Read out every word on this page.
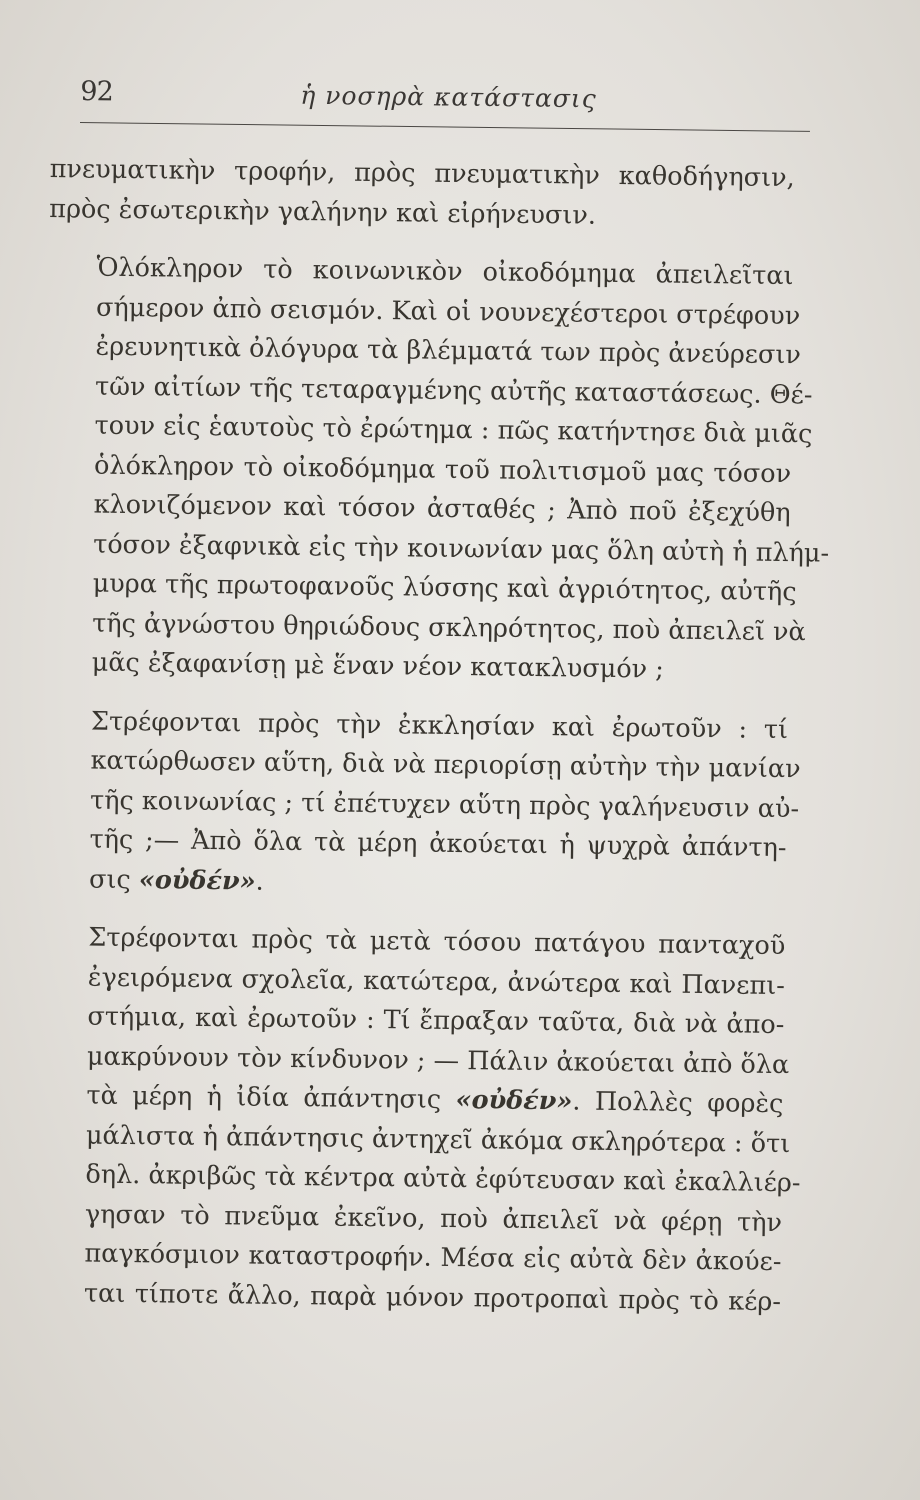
92	ἡ νοσηρὰ κατάστασις
πνευματικὴν τροφήν, πρὸς πνευματικὴν καθοδήγησιν,
πρὸς ἐσωτερικὴν γαλήνην καὶ εἰρήνευσιν.
Ὁλόκληρον τὸ κοινωνικὸν οἰκοδόμημα ἀπειλεῖται
σήμερον ἀπὸ σεισμόν. Καὶ οἱ νουνεχέστεροι στρέφουν
ἐρευνητικὰ ὀλόγυρα τὰ βλέμματά των πρὸς ἀνεύρεσιν
τῶν αἰτίων τῆς τεταραγμένης αὐτῆς καταστάσεως. Θέ-
τουν εἰς ἑαυτοὺς τὸ ἐρώτημα : πῶς κατήντησε διὰ μιᾶς
ὁλόκληρον τὸ οἰκοδόμημα τοῦ πολιτισμοῦ μας τόσον
κλονιζόμενον καὶ τόσον ἀσταθές ; Ἀπὸ ποῦ ἐξεχύθη
τόσον ἐξαφνικὰ εἰς τὴν κοινωνίαν μας ὅλη αὐτὴ ἡ πλήμ-
μυρα τῆς πρωτοφανοῦς λύσσης καὶ ἀγριότητος, αὐτῆς
τῆς ἀγνώστου θηριώδους σκληρότητος, ποὺ ἀπειλεῖ νὰ
μᾶς ἐξαφανίσῃ μὲ ἕναν νέον κατακλυσμόν ;
Στρέφονται πρὸς τὴν ἐκκλησίαν καὶ ἐρωτοῦν : τί
κατώρθωσεν αὕτη, διὰ νὰ περιορίσῃ αὐτὴν τὴν μανίαν
τῆς κοινωνίας ; τί ἐπέτυχεν αὕτη πρὸς γαλήνευσιν αὐ-
τῆς ;— Ἀπὸ ὅλα τὰ μέρη ἀκούεται ἡ ψυχρὰ ἀπάντη-
σις «οὐδέν».
Στρέφονται πρὸς τὰ μετὰ τόσου πατάγου πανταχοῦ
ἐγειρόμενα σχολεῖα, κατώτερα, ἀνώτερα καὶ Πανεπι-
στήμια, καὶ ἐρωτοῦν : Τί ἔπραξαν ταῦτα, διὰ νὰ ἀπο-
μακρύνουν τὸν κίνδυνον ; — Πάλιν ἀκούεται ἀπὸ ὅλα
τὰ μέρη ἡ ἰδία ἀπάντησις «οὐδέν». Πολλὲς φορὲς
μάλιστα ἡ ἀπάντησις ἀντηχεῖ ἀκόμα σκληρότερα : ὅτι
δηλ. ἀκριβῶς τὰ κέντρα αὐτὰ ἐφύτευσαν καὶ ἐκαλλιέρ-
γησαν τὸ πνεῦμα ἐκεῖνο, ποὺ ἀπειλεῖ νὰ φέρῃ τὴν
παγκόσμιον καταστροφήν. Μέσα εἰς αὐτὰ δὲν ἀκούε-
ται τίποτε ἄλλο, παρὰ μόνον προτροπαὶ πρὸς τὸ κέρ-
